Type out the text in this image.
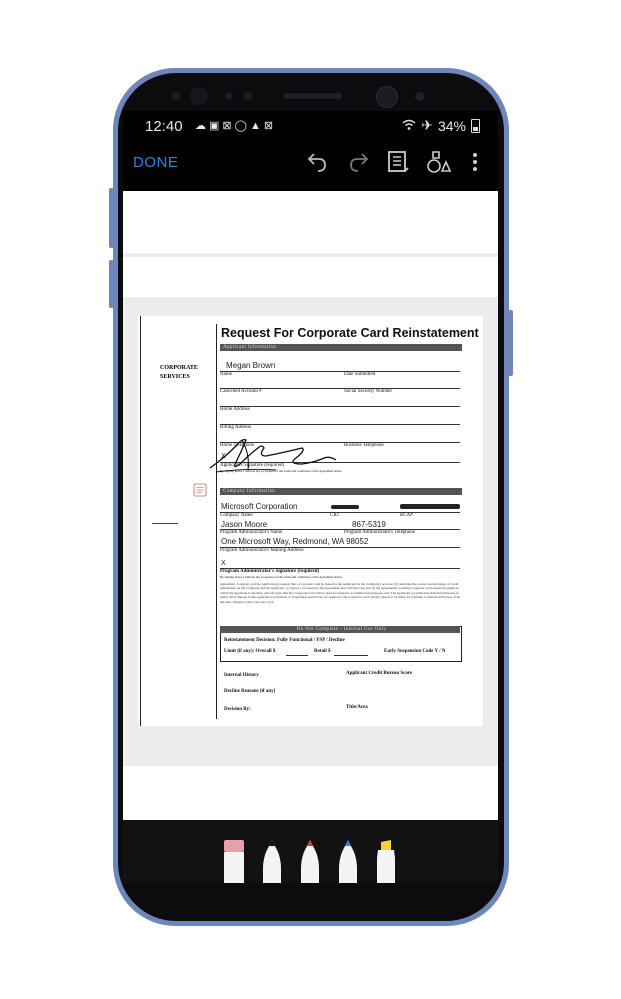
12:40 ☁▣⊠◯▲⊠	✈ 34%
DONE
CORPORATE
SERVICES
Request For Corporate Card Reinstatement
Applicant Information
Megan Brown
Name	Date Submitted
Cancelled Account #	Social Security Number
Home Address
Billing Address
Home Telephone	Business Telephone
X
Applicant's Signature (required)
By signing above I indicate my acceptance of the terms and conditions of the Agreement below.
Company Information
Microsoft Corporation
Company Name	CID	BCA#
Jason Moore	867-5319
Program Administrator's Name	Program Administrator's Telephone
One Microsoft Way, Redmond, WA 98052
Program Administrator's Mailing Address
X
Program Administrator's Signature (required)
By signing above I indicate my acceptance of the terms and conditions of the Agreement below.
Agreement. Company and the Applicant (a) request that a Corporate Card be issued to the Applicant on the Company's account, (b) authorize the receipt and exchange of credit information on the Company and the Applicant, (c) agree to be bound by the Agreement sent with the Card and by the Agreements covering Corporate Card related programs in which the Applicant is enrolled, and (d) agree that the Corporate Card will be used for business or commercial purposes only. The Applicant (a) authorizes American Express to notify the Company if this application is declined or if spending restrictions are applied to the Corporate Card, and (b) agrees to be liable for payment to American Express of all amounts charged to the Corporate Card.
Do Not Complete - Internal Use Only
Reinstatement Decision: Fully Functional / FSP / Decline
Limit (if any): Overall $	Retail $	Early Suspension Code Y / N
Internal History	Applicant Credit Bureau Score
Decline Reasons (if any)
Decision By:	Title/Area
